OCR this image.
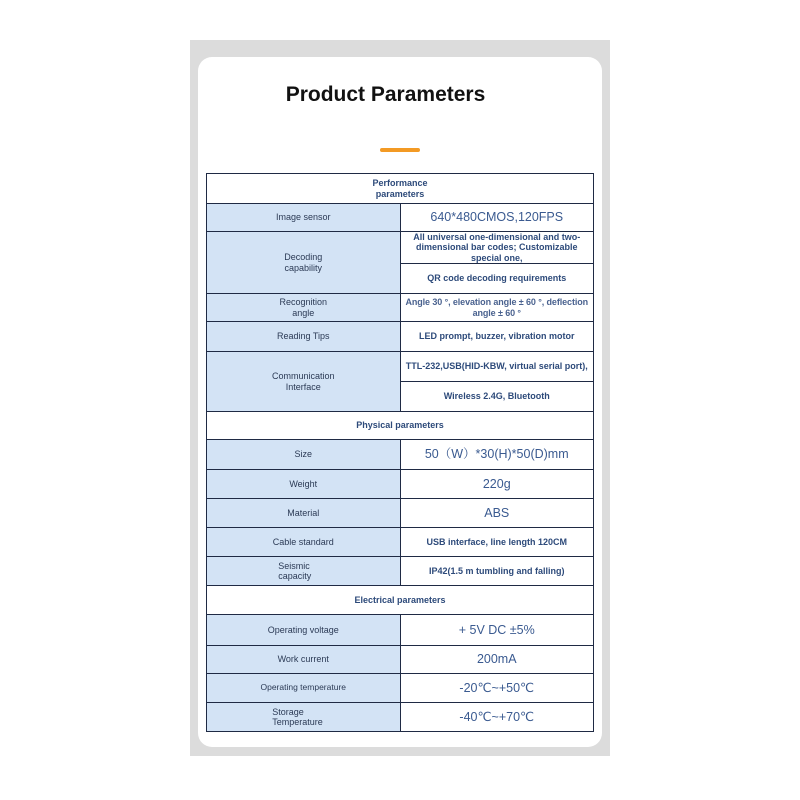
Product Parameters
Performance parameters	
Image sensor	640*480CMOS,120FPS
Decoding capability	All universal one-dimensional and two-dimensional bar codes; Customizable special one,
	QR code decoding requirements
Recognition angle	Angle 30 °, elevation angle ± 60 °, deflection angle ± 60 °
Reading Tips	LED prompt, buzzer, vibration motor
Communication Interface	TTL-232,USB(HID-KBW, virtual serial port),
	Wireless 2.4G, Bluetooth
Physical parameters	
Size	50（W）*30(H)*50(D)mm
Weight	220g
Material	ABS
Cable standard	USB interface, line length 120CM
Seismic capacity	IP42(1.5 m tumbling and falling)
Electrical parameters	
Operating voltage	+ 5V DC ±5%
Work current	200mA
Operating temperature	-20℃~+50℃
Storage Temperature	-40℃~+70℃
